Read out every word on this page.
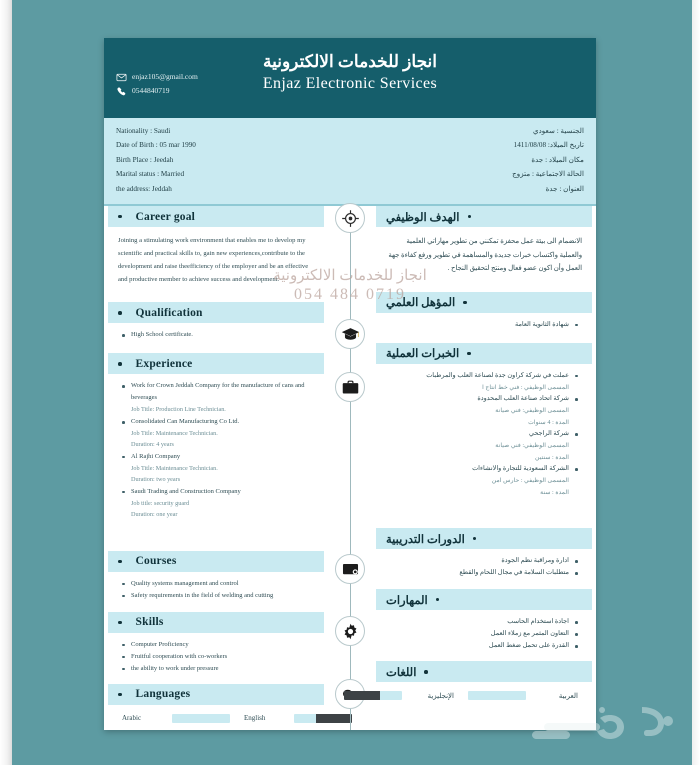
enjaz105@gmail.com
0544840719
انجاز للخدمات الالكترونية
Enjaz Electronic Services
Nationality : Saudi
Date of Birth : 05 mar 1990
Birth Place : Jeedah
Marital status : Married
the address: Jeddah
الجنسية : سعودي
تاريخ الميلاد: 1411/08/08
مكان الميلاد : جدة
الحالة الاجتماعية : متزوج
العنوان : جدة
Career goal
Joining a stimulating work environment that enables me to develop my scientific and practical skills to, gain new experiences,contribute to the development and raise theefficiency of the employer and be an effective and productive member to achieve success and development.
Qualification
High School certificate.
Experience
Work for Crown Jeddah Company for the manufacture of cans and beverages
Job Title: Production Line Technician.
Consolidated Can Manufacturing Co Ltd.
Job Title: Maintenance Technician.
Duration: 4 years
Al Rajhi Company
Job Title: Maintenance Technician.
Duration: two years
Saudi Trading and Construction Company
Job title: security guard
Duration: one year
Courses
Quality systems management and control
Safety requirements in the field of welding and cutting
Skills
Computer Proficiency
Fruitful cooperation with co-workers
the ability to work under pressure
Languages
Arabic	English
الهدف الوظيفي
الانضمام الى بيئة عمل محفزة تمكنني من تطوير مهاراتي العلمية والعملية واكتساب خبرات جديدة والمساهمة في تطوير ورفع كفاءة جهة العمل وأن اكون عضو فعال ومنتج لتحقيق النجاح .
المؤهل العلمي
شهادة الثانوية العامة
الخبرات العملية
عملت في شركة كراون جدة لصناعة العلب والمرطبات
المسمى الوظيفي : فني خط انتاج ا
شركة اتحاد صناعة العلب المحدودة
المسمى الوظيفي: فني صيانة
المدة : 4 سنوات
شركة الراجحي
المسمى الوظيفي: فني صيانة
المدة : سنتين
الشركة السعودية للتجارة والانشاءات
المسمى الوظيفي : حارس امن
المدة : سنة
الدورات التدريبية
ادارة ومراقبة نظم الجودة
متطلبات السلامة في مجال اللحام والقطع
المهارات
اجادة استخدام الحاسب
التعاون المثمر مع زملاء العمل
القدرة على تحمل ضغط العمل
اللغات
العربية
الإنجليزية
انجاز للخدمات الالكترونية
054 484 0719
